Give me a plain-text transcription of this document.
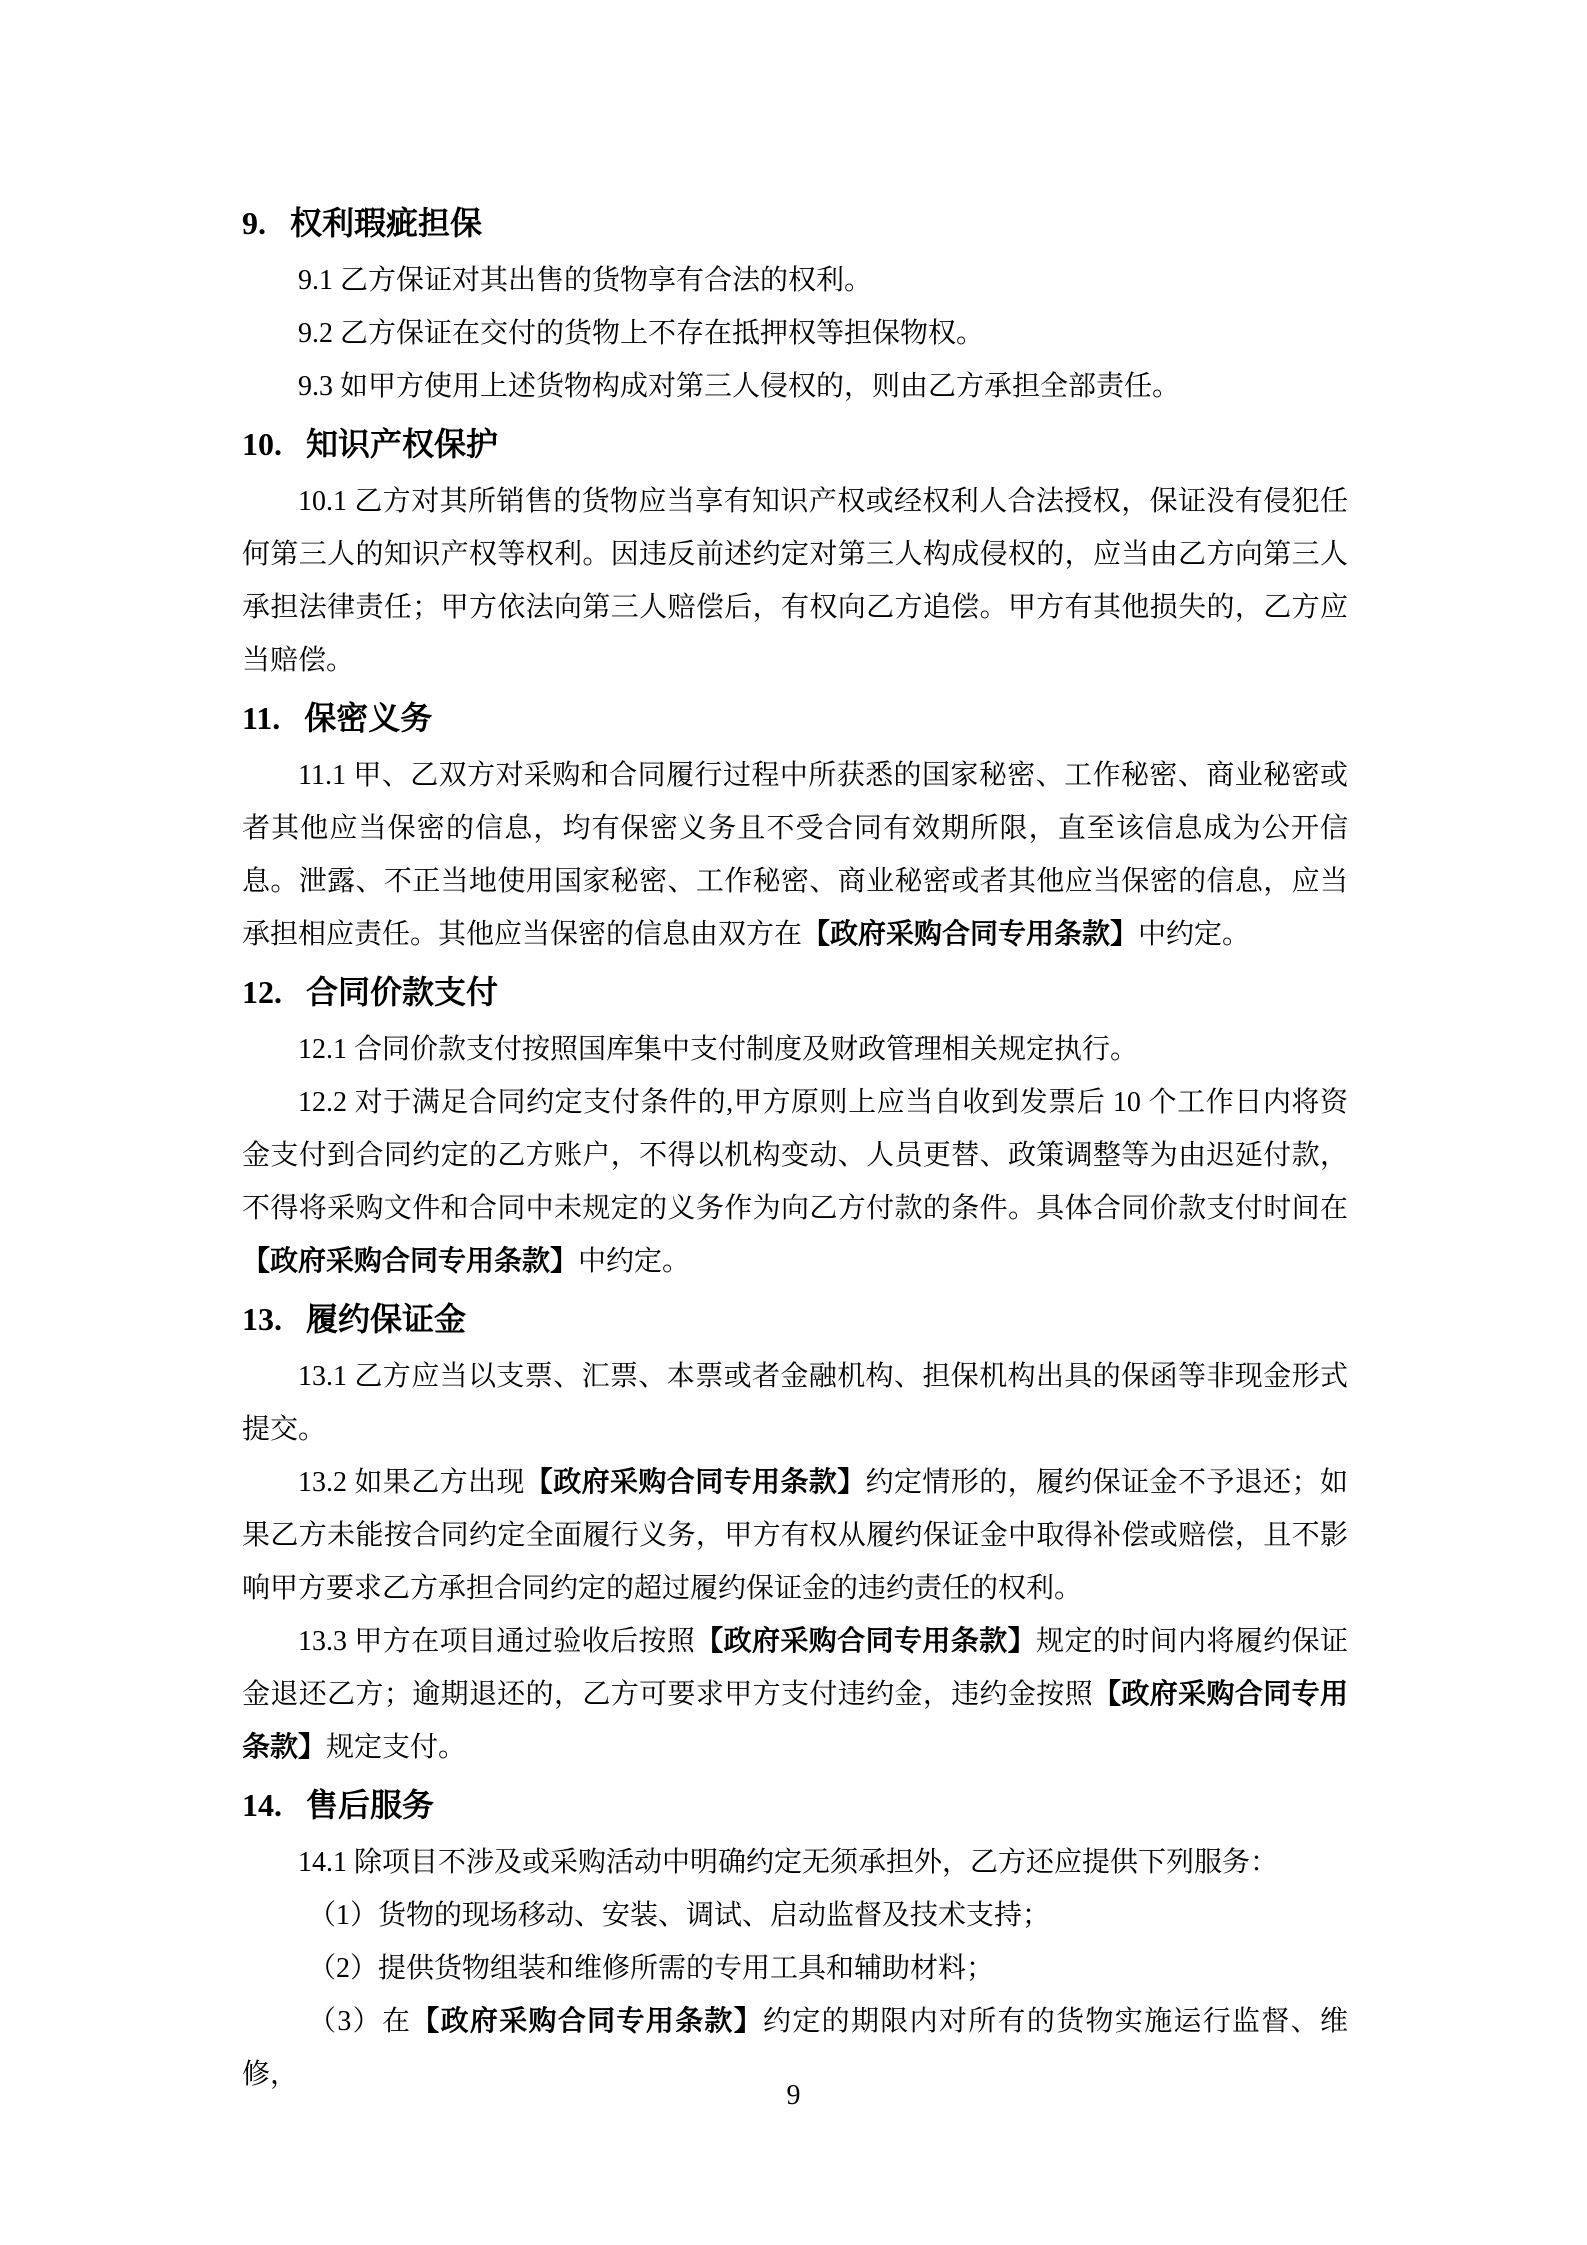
9. 权利瑕疵担保

9.1 乙方保证对其出售的货物享有合法的权利。

9.2 乙方保证在交付的货物上不存在抵押权等担保物权。

9.3 如甲方使用上述货物构成对第三人侵权的，则由乙方承担全部责任。

10. 知识产权保护

10.1 乙方对其所销售的货物应当享有知识产权或经权利人合法授权，保证没有侵犯任何第三人的知识产权等权利。因违反前述约定对第三人构成侵权的，应当由乙方向第三人承担法律责任；甲方依法向第三人赔偿后，有权向乙方追偿。甲方有其他损失的，乙方应当赔偿。

11. 保密义务

11.1 甲、乙双方对采购和合同履行过程中所获悉的国家秘密、工作秘密、商业秘密或者其他应当保密的信息，均有保密义务且不受合同有效期所限，直至该信息成为公开信息。泄露、不正当地使用国家秘密、工作秘密、商业秘密或者其他应当保密的信息，应当承担相应责任。其他应当保密的信息由双方在【政府采购合同专用条款】中约定。

12. 合同价款支付

12.1 合同价款支付按照国库集中支付制度及财政管理相关规定执行。

12.2 对于满足合同约定支付条件的,甲方原则上应当自收到发票后 10 个工作日内将资金支付到合同约定的乙方账户，不得以机构变动、人员更替、政策调整等为由迟延付款，不得将采购文件和合同中未规定的义务作为向乙方付款的条件。具体合同价款支付时间在【政府采购合同专用条款】中约定。

13. 履约保证金

13.1 乙方应当以支票、汇票、本票或者金融机构、担保机构出具的保函等非现金形式提交。

13.2 如果乙方出现【政府采购合同专用条款】约定情形的，履约保证金不予退还；如果乙方未能按合同约定全面履行义务，甲方有权从履约保证金中取得补偿或赔偿，且不影响甲方要求乙方承担合同约定的超过履约保证金的违约责任的权利。

13.3 甲方在项目通过验收后按照【政府采购合同专用条款】规定的时间内将履约保证金退还乙方；逾期退还的，乙方可要求甲方支付违约金，违约金按照【政府采购合同专用条款】规定支付。

14. 售后服务

14.1 除项目不涉及或采购活动中明确约定无须承担外，乙方还应提供下列服务：

（1）货物的现场移动、安装、调试、启动监督及技术支持；

（2）提供货物组装和维修所需的专用工具和辅助材料；

（3）在【政府采购合同专用条款】约定的期限内对所有的货物实施运行监督、维修，

9
